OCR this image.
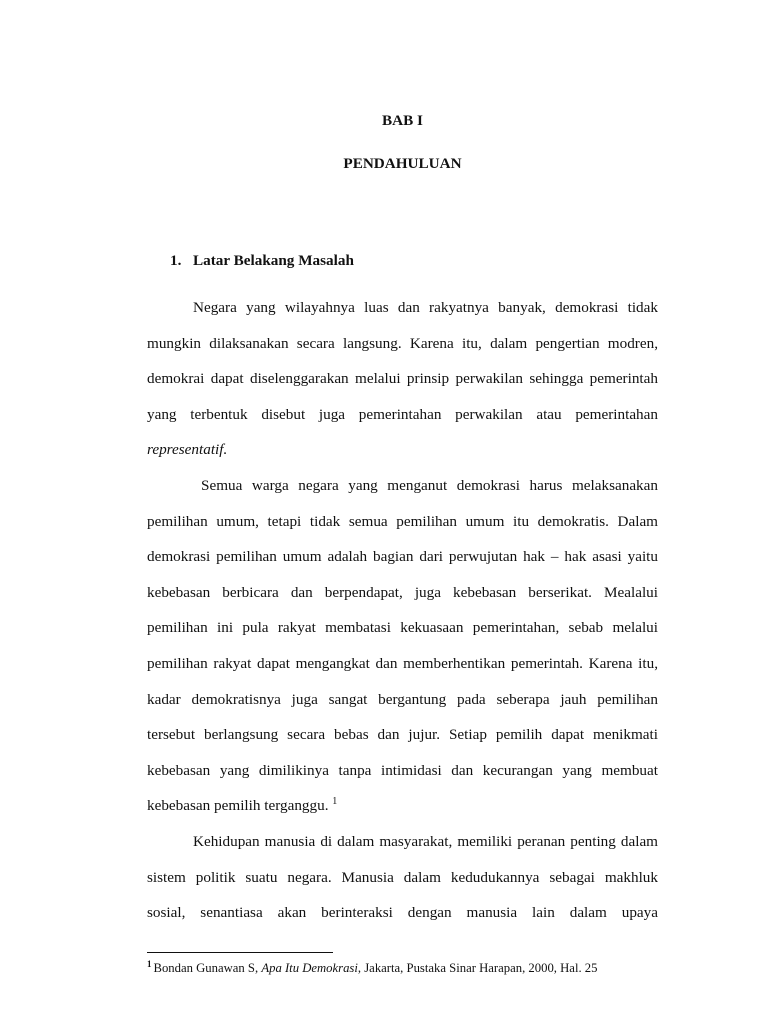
BAB I
PENDAHULUAN
1. Latar Belakang Masalah
Negara yang wilayahnya luas dan rakyatnya banyak, demokrasi tidak
mungkin dilaksanakan secara langsung. Karena itu, dalam pengertian modren,
demokrai dapat diselenggarakan melalui prinsip perwakilan sehingga pemerintah
yang terbentuk disebut juga pemerintahan perwakilan atau pemerintahan
representatif.
Semua warga negara yang menganut demokrasi harus melaksanakan
pemilihan umum, tetapi tidak semua pemilihan umum itu demokratis. Dalam
demokrasi pemilihan umum adalah bagian dari perwujutan hak – hak asasi yaitu
kebebasan berbicara dan berpendapat, juga kebebasan berserikat. Mealalui
pemilihan ini pula rakyat membatasi kekuasaan pemerintahan, sebab melalui
pemilihan rakyat dapat mengangkat dan memberhentikan pemerintah. Karena itu,
kadar demokratisnya juga sangat bergantung pada seberapa jauh pemilihan
tersebut berlangsung secara bebas dan jujur. Setiap pemilih dapat menikmati
kebebasan yang dimilikinya tanpa intimidasi dan kecurangan yang membuat
kebebasan pemilih terganggu. $^1$
Kehidupan manusia di dalam masyarakat, memiliki peranan penting dalam
sistem politik suatu negara. Manusia dalam kedudukannya sebagai makhluk
sosial, senantiasa akan berinteraksi dengan manusia lain dalam upaya
$^1$ Bondan Gunawan S, Apa Itu Demokrasi, Jakarta, Pustaka Sinar Harapan, 2000, Hal. 25
